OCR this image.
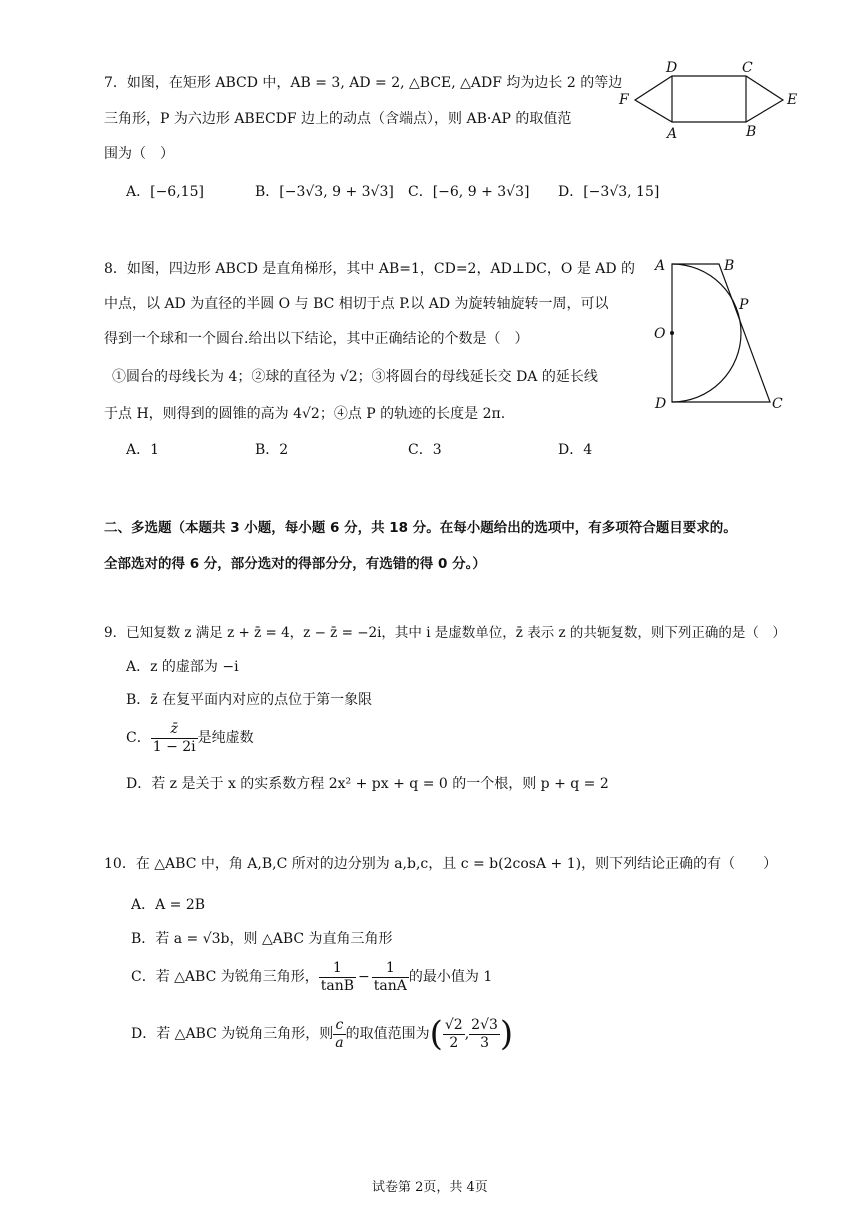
7．如图，在矩形 ABCD 中，AB = 3, AD = 2, △BCE, △ADF 均为边长 2 的等边
三角形，P 为六边形 ABECDF 边上的动点（含端点），则 AB·AP 的取值范
围为（　）
A．[−6,15]	B．[−3√3, 9 + 3√3] C．[−6, 9 + 3√3] D．[−3√3, 15]
D	C
F	E
A	B
8．如图，四边形 ABCD 是直角梯形，其中 AB=1，CD=2，AD⊥DC，O 是 AD 的
中点，以 AD 为直径的半圆 O 与 BC 相切于点 P.以 AD 为旋转轴旋转一周，可以
得到一个球和一个圆台.给出以下结论，其中正确结论的个数是（　）
①圆台的母线长为 4；②球的直径为 √2；③将圆台的母线延长交 DA 的延长线
于点 H，则得到的圆锥的高为 4√2；④点 P 的轨迹的长度是 2π.
A．1	B．2	C．3	D．4
A	B
P
O
D	C
二、多选题（本题共 3 小题，每小题 6 分，共 18 分。在每小题给出的选项中，有多项符合题目要求的。
全部选对的得 6 分，部分选对的得部分分，有选错的得 0 分。）
9．已知复数 z 满足 z + z̄ = 4，z − z̄ = −2i，其中 i 是虚数单位，z̄ 表示 z 的共轭复数，则下列正确的是（　）
A．z 的虚部为 −i
B．z̄ 在复平面内对应的点位于第一象限
C． $\frac{z̄}{1 - 2i}$ 是纯虚数
D．若 z 是关于 x 的实系数方程 2x² + px + q = 0 的一个根，则 p + q = 2
10．在 △ABC 中，角 A,B,C 所对的边分别为 a,b,c，且 c = b(2cosA + 1)，则下列结论正确的有（　　）
A．A = 2B
B．若 a = √3b，则 △ABC 为直角三角形
C．若 △ABC 为锐角三角形， $\frac{1}{\tan B} - \frac{1}{\tan A}$ 的最小值为 1
D．若 △ABC 为锐角三角形，则 $\frac{c}{a}$ 的取值范围为( $\frac{√2}{2}$ , $\frac{2√3}{3}$ )
试卷第 2页，共 4页
